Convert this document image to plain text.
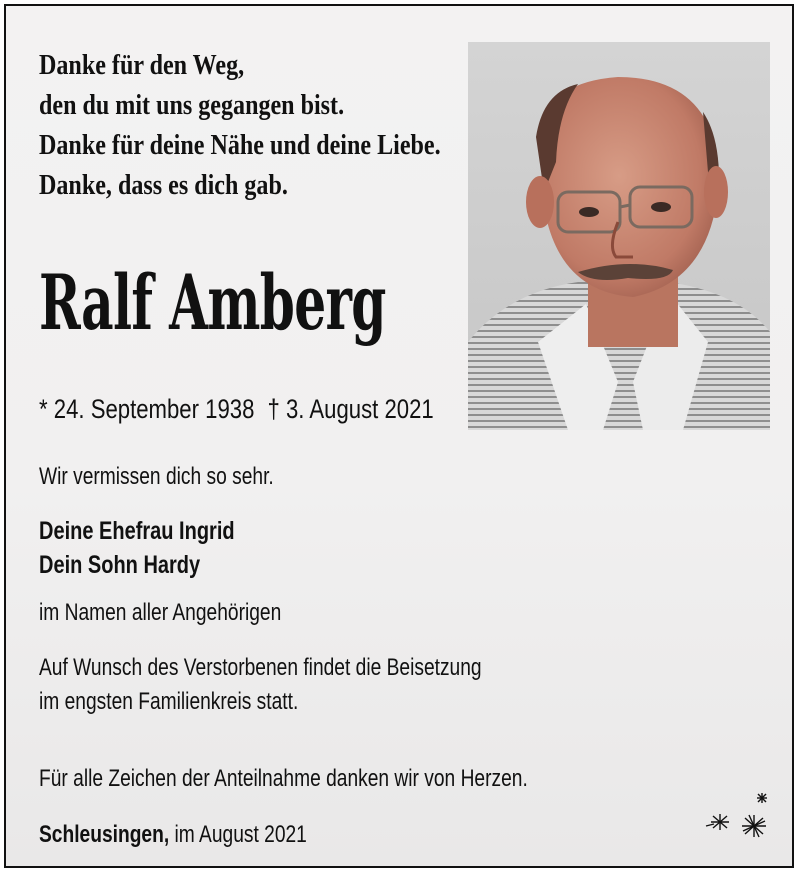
Danke für den Weg,
den du mit uns gegangen bist.
Danke für deine Nähe und deine Liebe.
Danke, dass es dich gab.
Ralf Amberg
* 24. September 1938 † 3. August 2021
Wir vermissen dich so sehr.
Deine Ehefrau Ingrid
Dein Sohn Hardy
im Namen aller Angehörigen
Auf Wunsch des Verstorbenen findet die Beisetzung
im engsten Familienkreis statt.
Für alle Zeichen der Anteilnahme danken wir von Herzen.
Schleusingen, im August 2021
